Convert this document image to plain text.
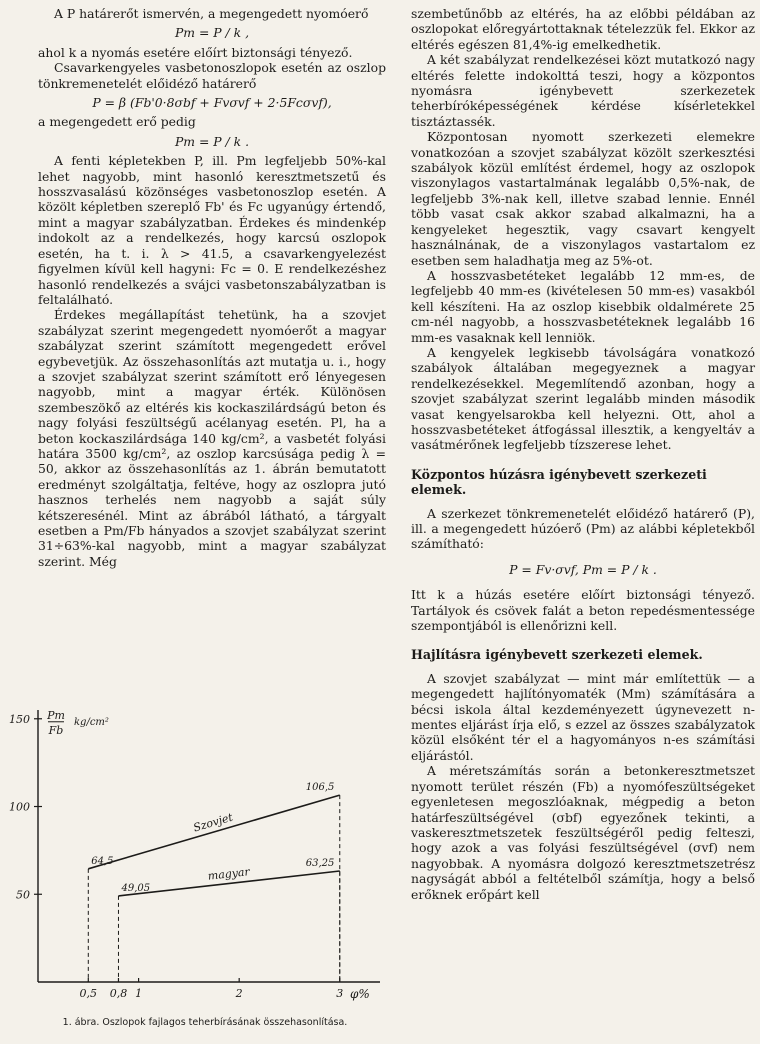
A P határerőt ismervén, a megengedett nyomóerő

Pm = P / k ,

ahol k a nyomás esetére előírt biztonsági tényező.

Csavarkengyeles vasbetonoszlopok esetén az oszlop tönkremenetelét előidéző határerő

P = β (Fb'0·8σbf + Fvσvf + 2·5Fcσvf),

a megengedett erő pedig

Pm = P / k .

A fenti képletekben P, ill. Pm legfeljebb 50%-kal lehet nagyobb, mint hasonló keresztmetszetű és hosszvasalású közönséges vasbetonoszlop esetén. A közölt képletben szereplő Fb' és Fc ugyanúgy értendő, mint a magyar szabályzatban. Érdekes és mindenkép indokolt az a rendelkezés, hogy karcsú oszlopok esetén, ha t. i. λ > 41.5, a csavarkengyelezést figyelmen kívül kell hagyni: Fc = 0. E rendelkezéshez hasonló rendelkezés a svájci vasbetonszabályzatban is feltalálható.

Érdekes megállapítást tehetünk, ha a szovjet szabályzat szerint megengedett nyomóerőt a magyar szabályzat szerint számított megengedett erővel egybevetjük. Az összehasonlítás azt mutatja u. i., hogy a szovjet szabályzat szerint számított erő lényegesen nagyobb, mint a magyar érték. Különösen szembeszökő az eltérés kis kockaszilárdságú beton és nagy folyási feszültségű acélanyag esetén. Pl, ha a beton kockaszilárdsága 140 kg/cm², a vasbetét folyási határa 3500 kg/cm², az oszlop karcsúsága pedig λ = 50, akkor az összehasonlítás az 1. ábrán bemutatott eredményt szolgáltatja, feltéve, hogy az oszlopra jutó hasznos terhelés nem nagyobb a saját súly kétszeresénél. Mint az ábrából látható, a tárgyalt esetben a Pm/Fb hányados a szovjet szabályzat szerint 31÷63%-kal nagyobb, mint a magyar szabályzat szerint. Még

szembetűnőbb az eltérés, ha az előbbi példában az oszlopokat előregyártottaknak tételezzük fel. Ekkor az eltérés egészen 81,4%-ig emelkedhetik.

A két szabályzat rendelkezései közt mutatkozó nagy eltérés felette indokolttá teszi, hogy a központos nyomásra igénybevett szerkezetek teherbíróképességének kérdése kísérletekkel tisztáztassék.

Központosan nyomott szerkezeti elemekre vonatkozóan a szovjet szabályzat közölt szerkesztési szabályok közül említést érdemel, hogy az oszlopok viszonylagos vastartalmának legalább 0,5%-nak, de legfeljebb 3%-nak kell, illetve szabad lennie. Ennél több vasat csak akkor szabad alkalmazni, ha a kengyeleket hegesztik, vagy csavart kengyelt használnának, de a viszonylagos vastartalom ez esetben sem haladhatja meg az 5%-ot.

A hosszvasbetéteket legalább 12 mm-es, de legfeljebb 40 mm-es (kivételesen 50 mm-es) vasakból kell készíteni. Ha az oszlop kisebbik oldalmérete 25 cm-nél nagyobb, a hosszvasbetéteknek legalább 16 mm-es vasaknak kell lenniök.

A kengyelek legkisebb távolságára vonatkozó szabályok általában megegyeznek a magyar rendelkezésekkel. Megemlítendő azonban, hogy a szovjet szabályzat szerint legalább minden második vasat kengyelsarokba kell helyezni. Ott, ahol a hosszvasbetéteket átfogással illesztik, a kengyeltáv a vasátmérőnek legfeljebb tízszerese lehet.

Központos húzásra igénybevett szerkezeti elemek.

A szerkezet tönkremenetelét előidéző határerő (P), ill. a megengedett húzóerő (Pm) az alábbi képletekből számítható:

P = Fv·σvf, Pm = P / k .

Itt k a húzás esetére előírt biztonsági tényező. Tartályok és csövek falát a beton repedésmentessége szempontjából is ellenőrizni kell.

Hajlításra igénybevett szerkezeti elemek.

A szovjet szabályzat — mint már említettük — a megengedett hajlítónyomaték (Mm) számítására a bécsi iskola által kezdeményezett úgynevezett n-mentes eljárást írja elő, s ezzel az összes szabályzatok közül elsőként tér el a hagyományos n-es számítási eljárástól.

A méretszámítás során a betonkeresztmetszet nyomott terület részén (Fb) a nyomófeszültségeket egyenletesen megoszlóaknak, mégpedig a beton határfeszültségével (σbf) egyezőnek tekinti, a vaskeresztmetszetek feszültségéről pedig felteszi, hogy azok a vas folyási feszültségével (σvf) nem nagyobbak. A nyomásra dolgozó keresztmetszetrész nagyságát abból a feltételből számítja, hogy a belső erőknek erőpárt kell

50
100
150
0,5 0,8 1	2	3
Pm
Fb
kg/cm²
φ%
64,5
106,5
Szovjet
49,05
63,25
magyar
1. ábra. Oszlopok fajlagos teherbírásának összehasonlítása.
